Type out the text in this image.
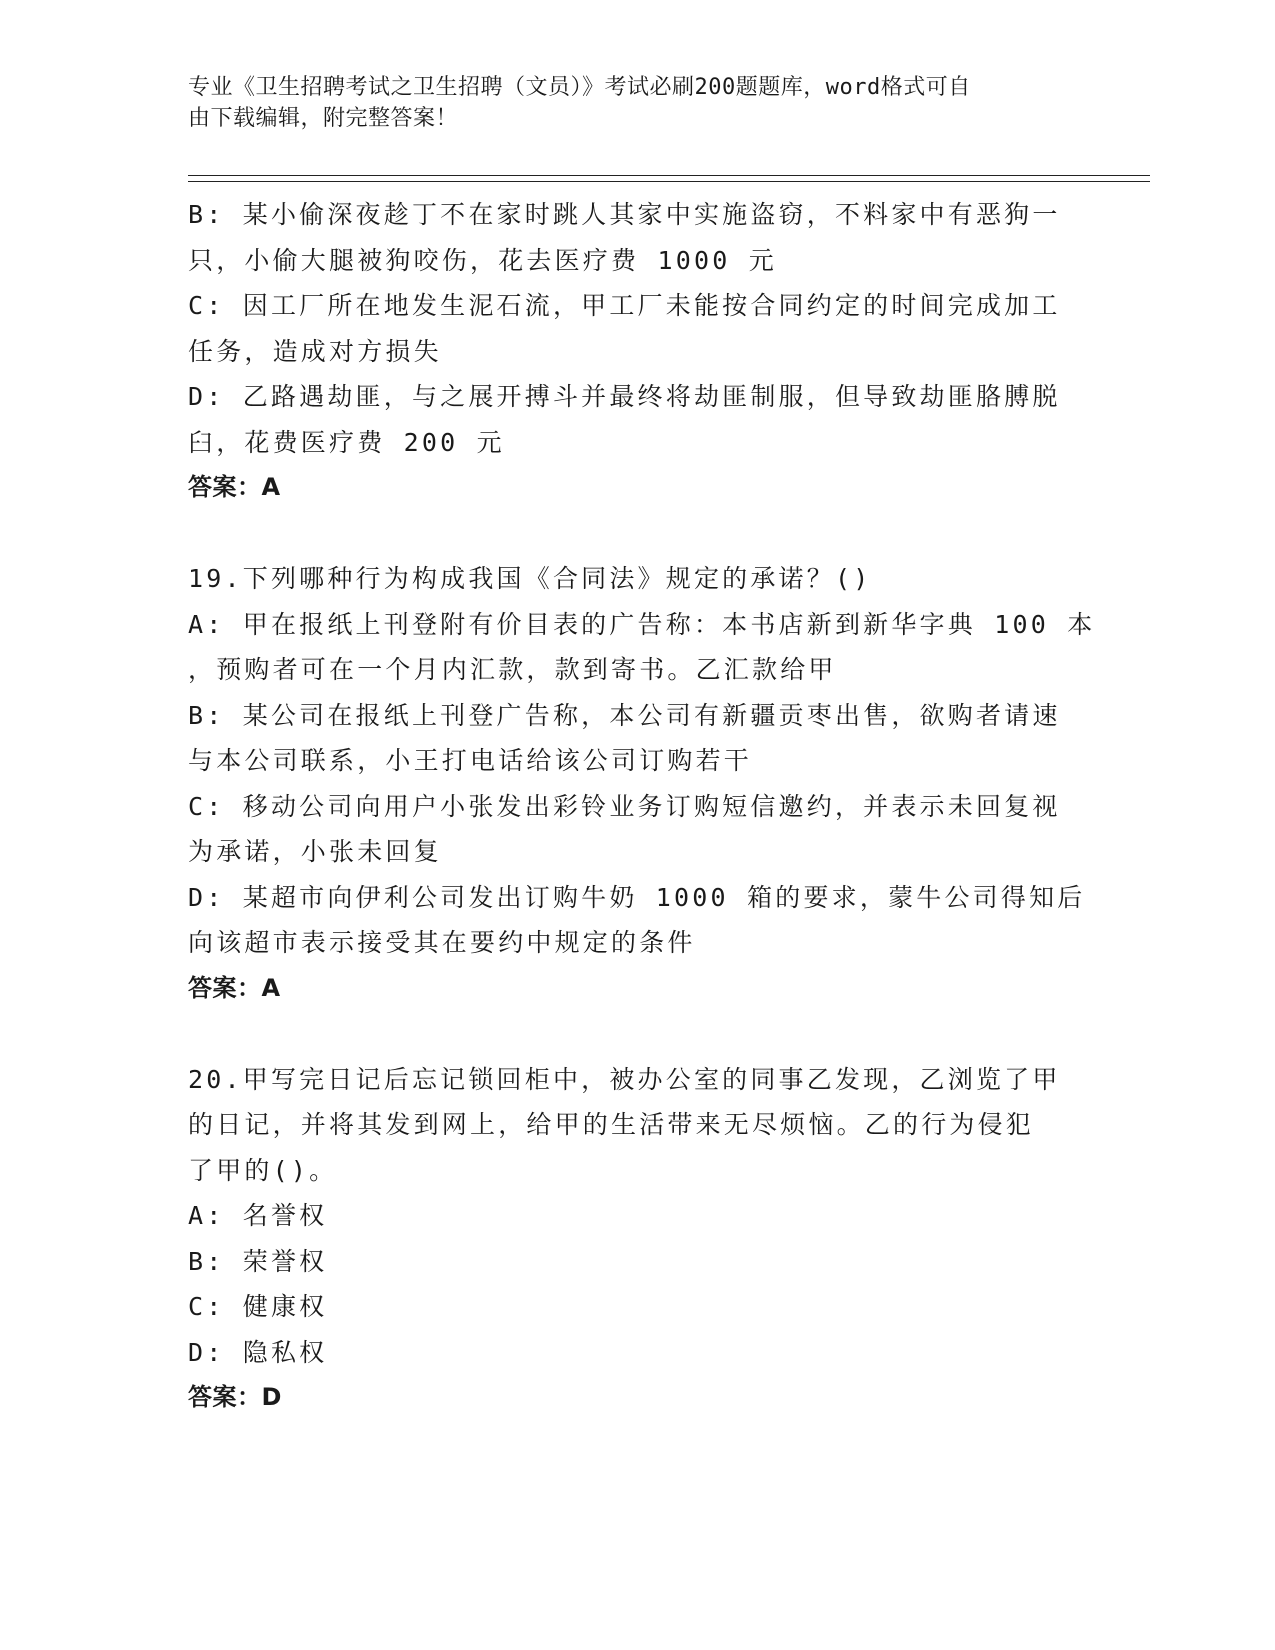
专业《卫生招聘考试之卫生招聘（文员）》考试必刷200题题库，word格式可自
由下载编辑，附完整答案！
B: 某小偷深夜趁丁不在家时跳人其家中实施盗窃，不料家中有恶狗一
只，小偷大腿被狗咬伤，花去医疗费 1000 元
C: 因工厂所在地发生泥石流，甲工厂未能按合同约定的时间完成加工
任务，造成对方损失
D: 乙路遇劫匪，与之展开搏斗并最终将劫匪制服，但导致劫匪胳膊脱
臼，花费医疗费 200 元
答案：A
19.下列哪种行为构成我国《合同法》规定的承诺？()
A: 甲在报纸上刊登附有价目表的广告称：本书店新到新华字典 100 本
，预购者可在一个月内汇款，款到寄书。乙汇款给甲
B: 某公司在报纸上刊登广告称，本公司有新疆贡枣出售，欲购者请速
与本公司联系，小王打电话给该公司订购若干
C: 移动公司向用户小张发出彩铃业务订购短信邀约，并表示未回复视
为承诺，小张未回复
D: 某超市向伊利公司发出订购牛奶 1000 箱的要求，蒙牛公司得知后
向该超市表示接受其在要约中规定的条件
答案：A
20.甲写完日记后忘记锁回柜中，被办公室的同事乙发现，乙浏览了甲
的日记，并将其发到网上，给甲的生活带来无尽烦恼。乙的行为侵犯
了甲的()。
A: 名誉权
B: 荣誉权
C: 健康权
D: 隐私权
答案：D
